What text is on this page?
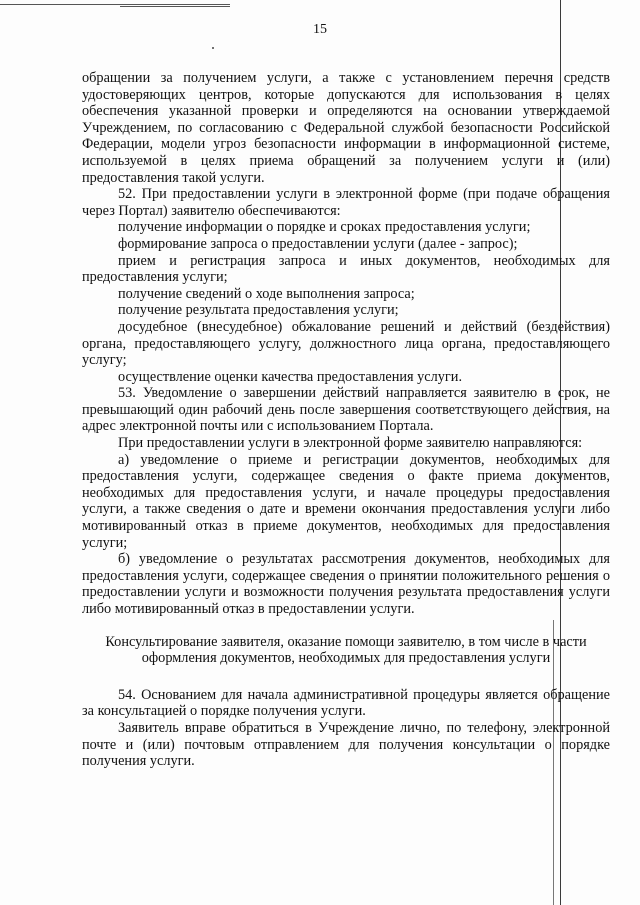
15

обращении за получением услуги, а также с установлением перечня средств удостоверяющих центров, которые допускаются для использования в целях обеспечения указанной проверки и определяются на основании утверждаемой Учреждением, по согласованию с Федеральной службой безопасности Российской Федерации, модели угроз безопасности информации в информационной системе, используемой в целях приема обращений за получением услуги и (или) предоставления такой услуги.

52. При предоставлении услуги в электронной форме (при подаче обращения через Портал) заявителю обеспечиваются:

получение информации о порядке и сроках предоставления услуги;

формирование запроса о предоставлении услуги (далее - запрос);

прием и регистрация запроса и иных документов, необходимых для предоставления услуги;

получение сведений о ходе выполнения запроса;

получение результата предоставления услуги;

досудебное (внесудебное) обжалование решений и действий (бездействия) органа, предоставляющего услугу, должностного лица органа, предоставляющего услугу;

осуществление оценки качества предоставления услуги.

53. Уведомление о завершении действий направляется заявителю в срок, не превышающий один рабочий день после завершения соответствующего действия, на адрес электронной почты или с использованием Портала.

При предоставлении услуги в электронной форме заявителю направляются:

а) уведомление о приеме и регистрации документов, необходимых для предоставления услуги, содержащее сведения о факте приема документов, необходимых для предоставления услуги, и начале процедуры предоставления услуги, а также сведения о дате и времени окончания предоставления услуги либо мотивированный отказ в приеме документов, необходимых для предоставления услуги;

б) уведомление о результатах рассмотрения документов, необходимых для предоставления услуги, содержащее сведения о принятии положительного решения о предоставлении услуги и возможности получения результата предоставления услуги либо мотивированный отказ в предоставлении услуги.

Консультирование заявителя, оказание помощи заявителю, в том числе в части оформления документов, необходимых для предоставления услуги

54. Основанием для начала административной процедуры является обращение за консультацией о порядке получения услуги.

Заявитель вправе обратиться в Учреждение лично, по телефону, электронной почте и (или) почтовым отправлением для получения консультации о порядке получения услуги.
